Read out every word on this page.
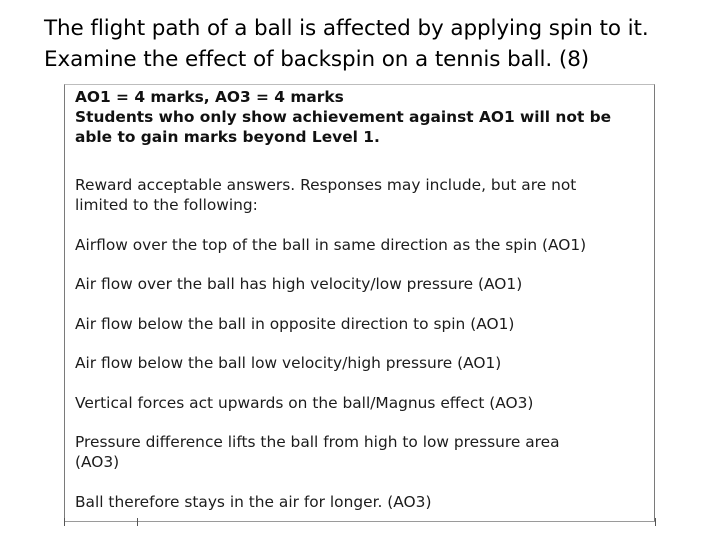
The flight path of a ball is affected by applying spin to it.
Examine the effect of backspin on a tennis ball. (8)
AO1 = 4 marks, AO3 = 4 marks
Students who only show achievement against AO1 will not be
able to gain marks beyond Level 1.
Reward acceptable answers. Responses may include, but are not
limited to the following:
Airflow over the top of the ball in same direction as the spin (AO1)
Air flow over the ball has high velocity/low pressure (AO1)
Air flow below the ball in opposite direction to spin (AO1)
Air flow below the ball low velocity/high pressure (AO1)
Vertical forces act upwards on the ball/Magnus effect (AO3)
Pressure difference lifts the ball from high to low pressure area
(AO3)
Ball therefore stays in the air for longer. (AO3)
